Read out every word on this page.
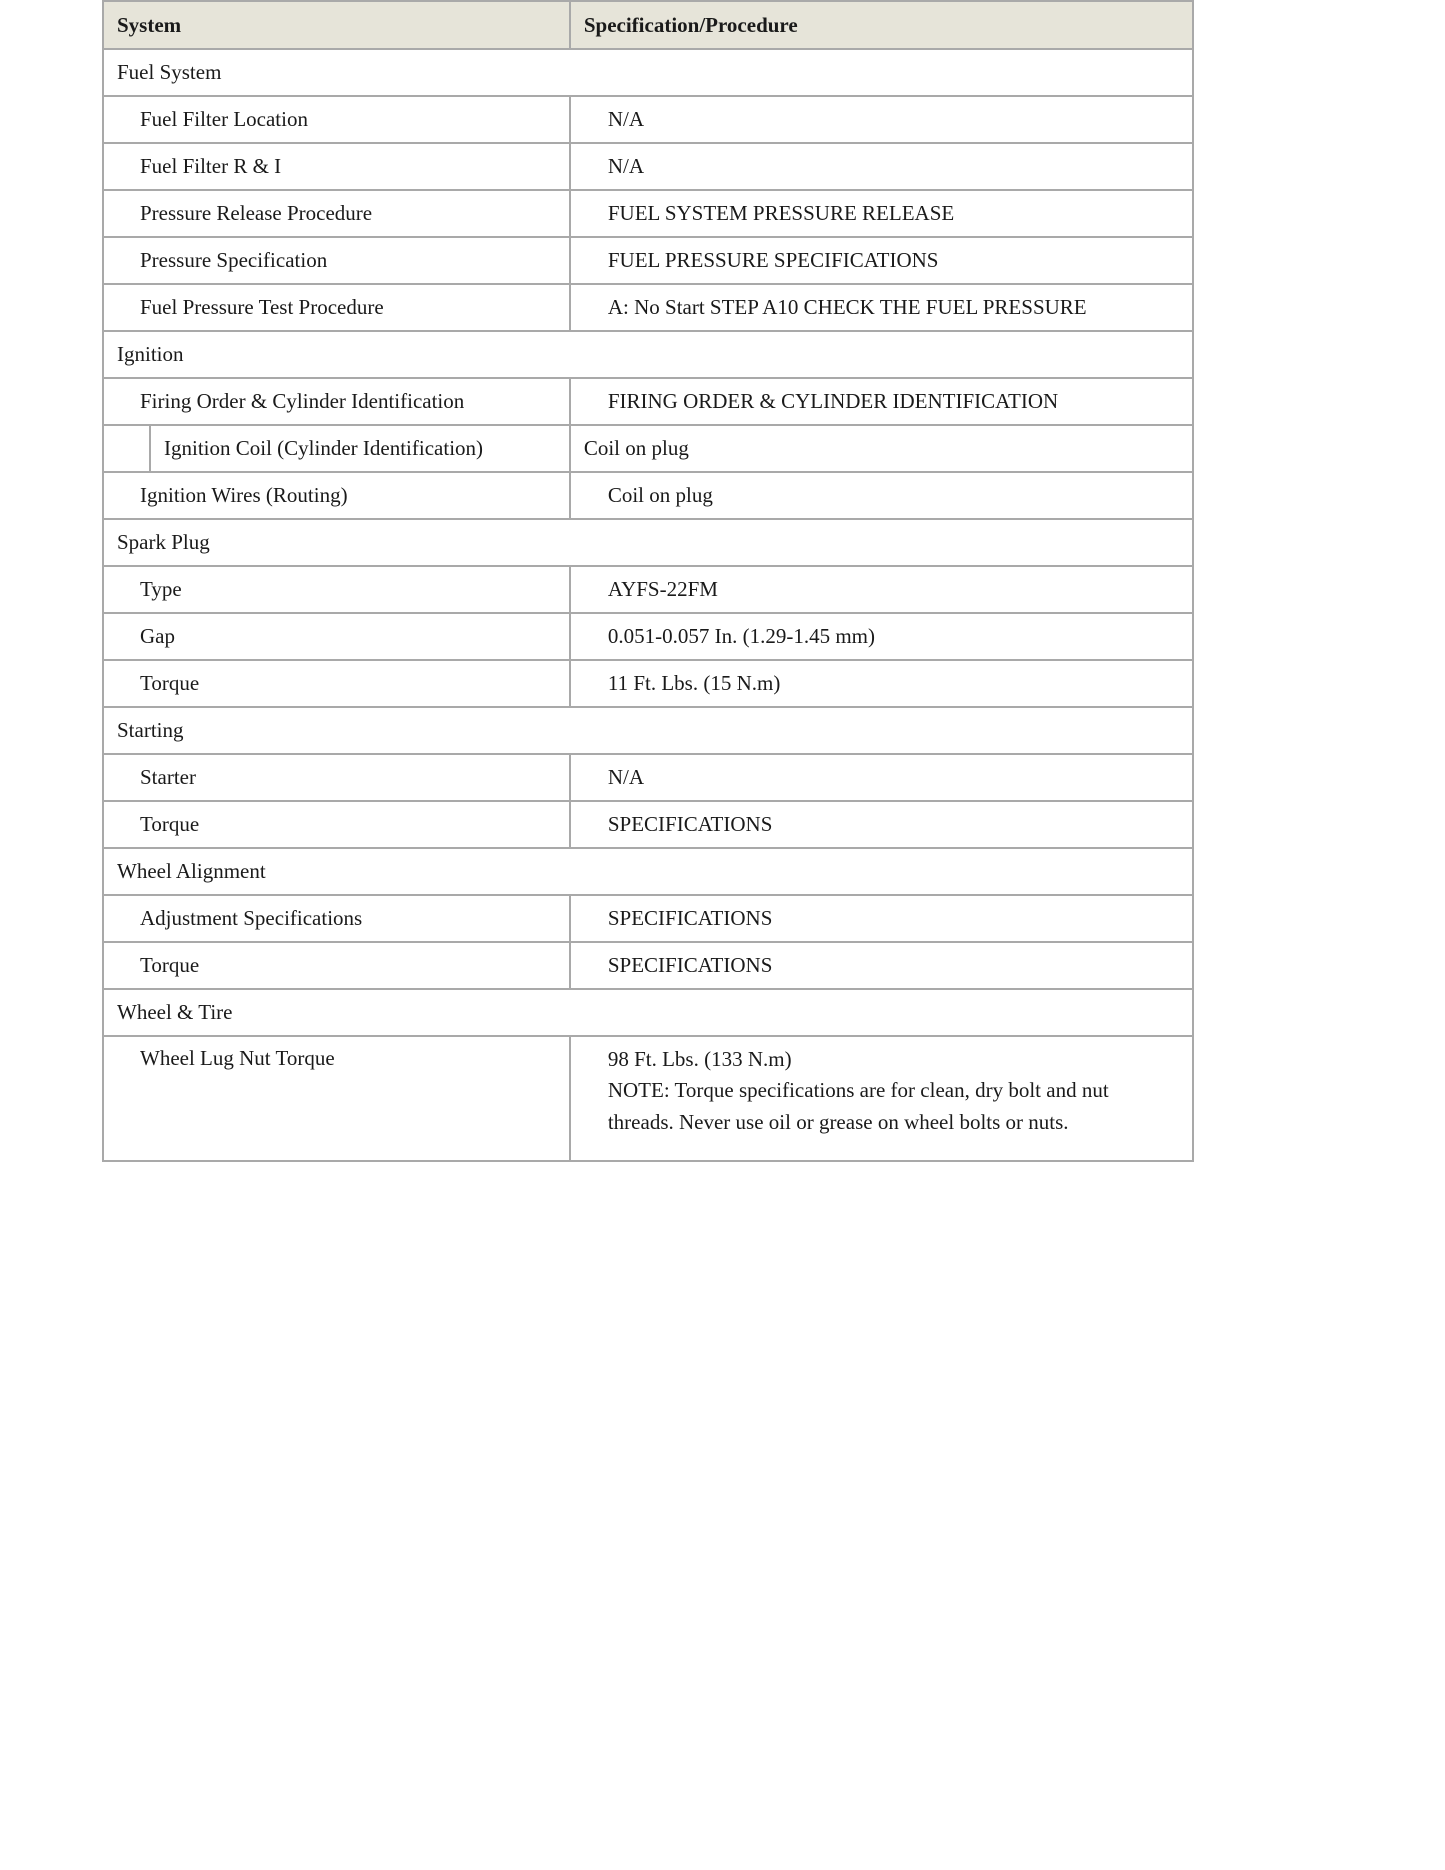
System	Specification/Procedure
Fuel System	
Fuel Filter Location	N/A
Fuel Filter R & I	N/A
Pressure Release Procedure	FUEL SYSTEM PRESSURE RELEASE
Pressure Specification	FUEL PRESSURE SPECIFICATIONS
Fuel Pressure Test Procedure	A: No Start STEP A10 CHECK THE FUEL PRESSURE
Ignition	
Firing Order & Cylinder Identification	FIRING ORDER & CYLINDER IDENTIFICATION

Ignition Coil (Cylinder Identification)	Coil on plug
Ignition Wires (Routing)	Coil on plug
Spark Plug	
Type	AYFS-22FM
Gap	0.051-0.057 In. (1.29-1.45 mm)
Torque	11 Ft. Lbs. (15 N.m)
Starting	
Starter	N/A
Torque	SPECIFICATIONS
Wheel Alignment	
Adjustment Specifications	SPECIFICATIONS
Torque	SPECIFICATIONS
Wheel & Tire	
Wheel Lug Nut Torque	98 Ft. Lbs. (133 N.m)
NOTE: Torque specifications are for clean, dry bolt and nut threads. Never use oil or grease on wheel bolts or nuts.
